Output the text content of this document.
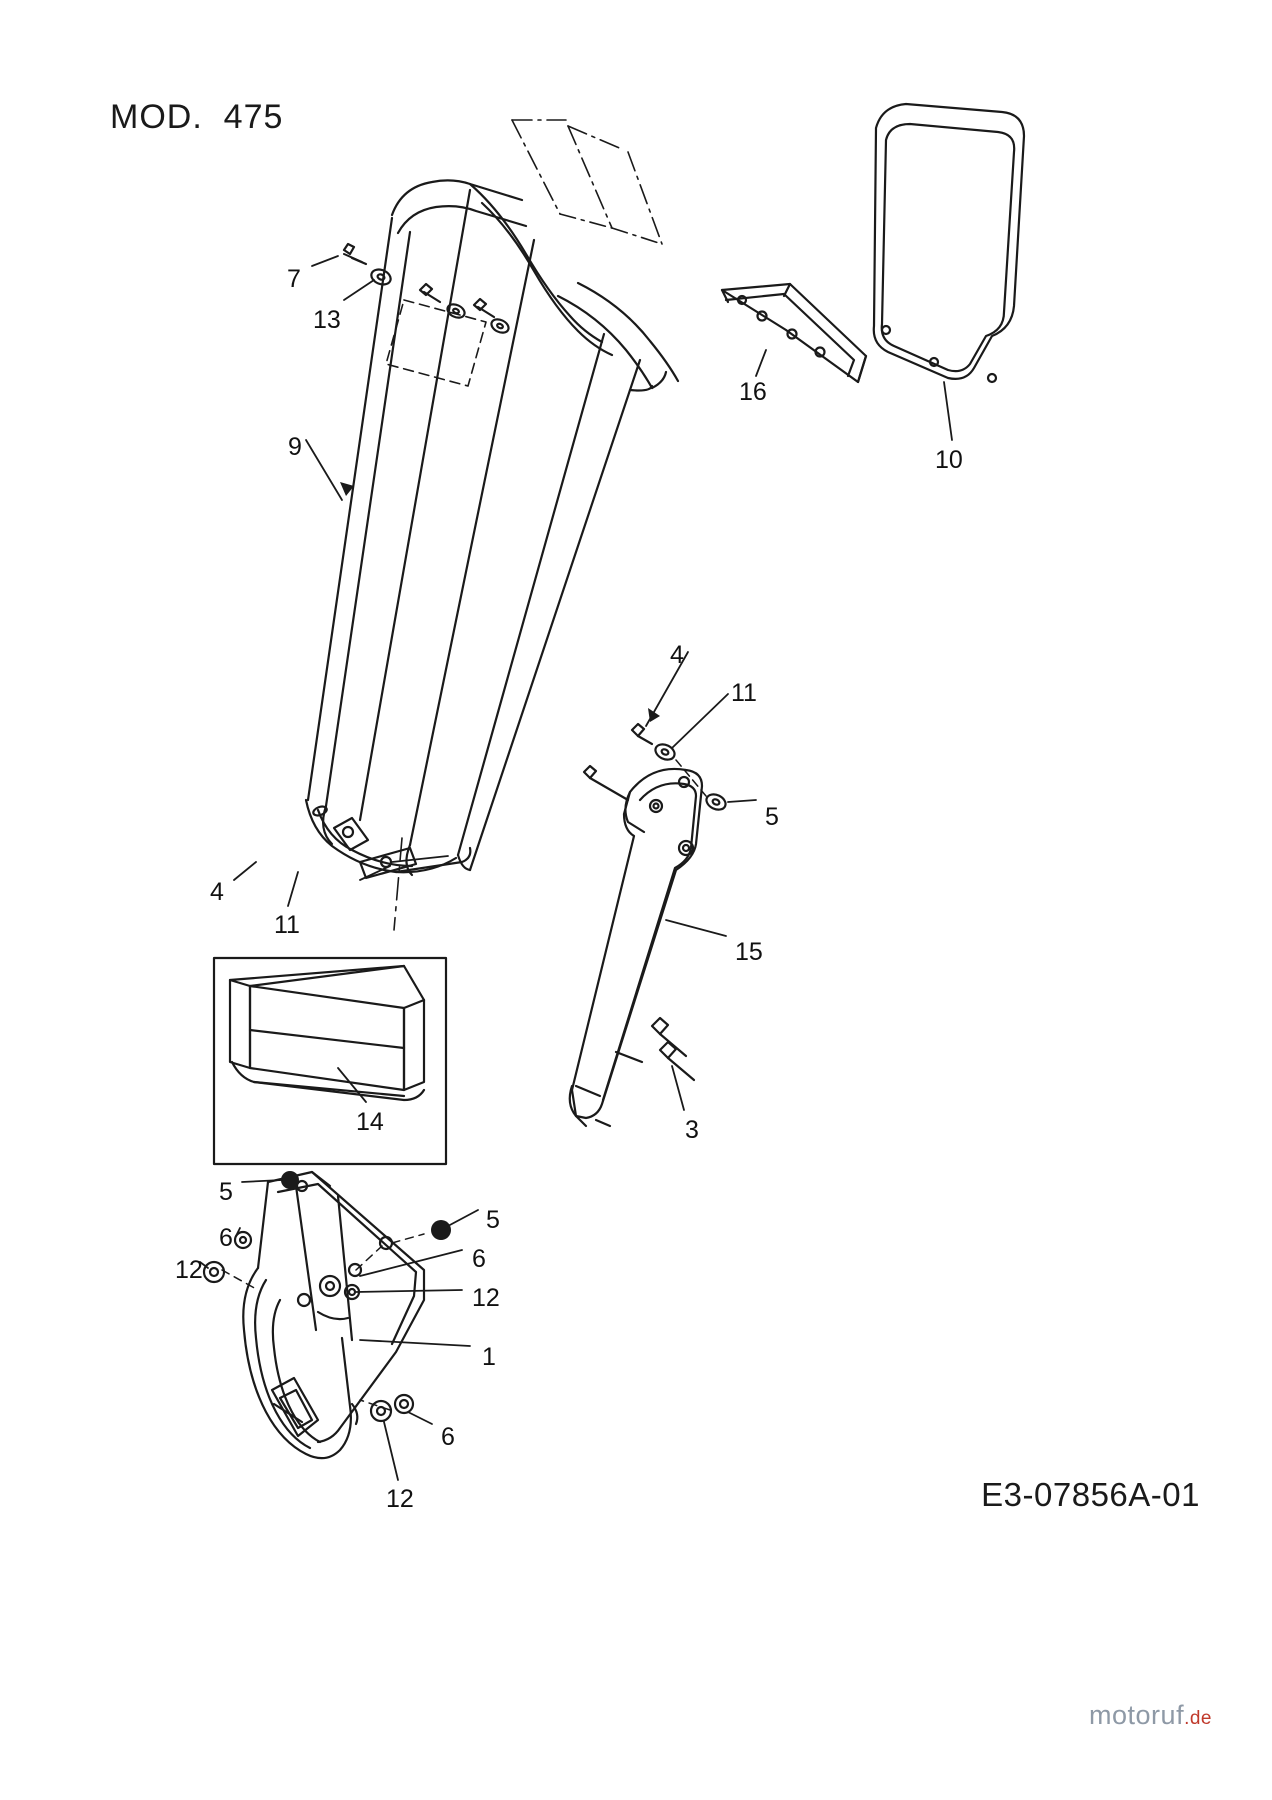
MOD.  475
E3-07856A-01
motoruf.de
7
13
9
16
10
4
11
5
15
4
11
3
14
5
6
12
5
6
12
1
6
12
